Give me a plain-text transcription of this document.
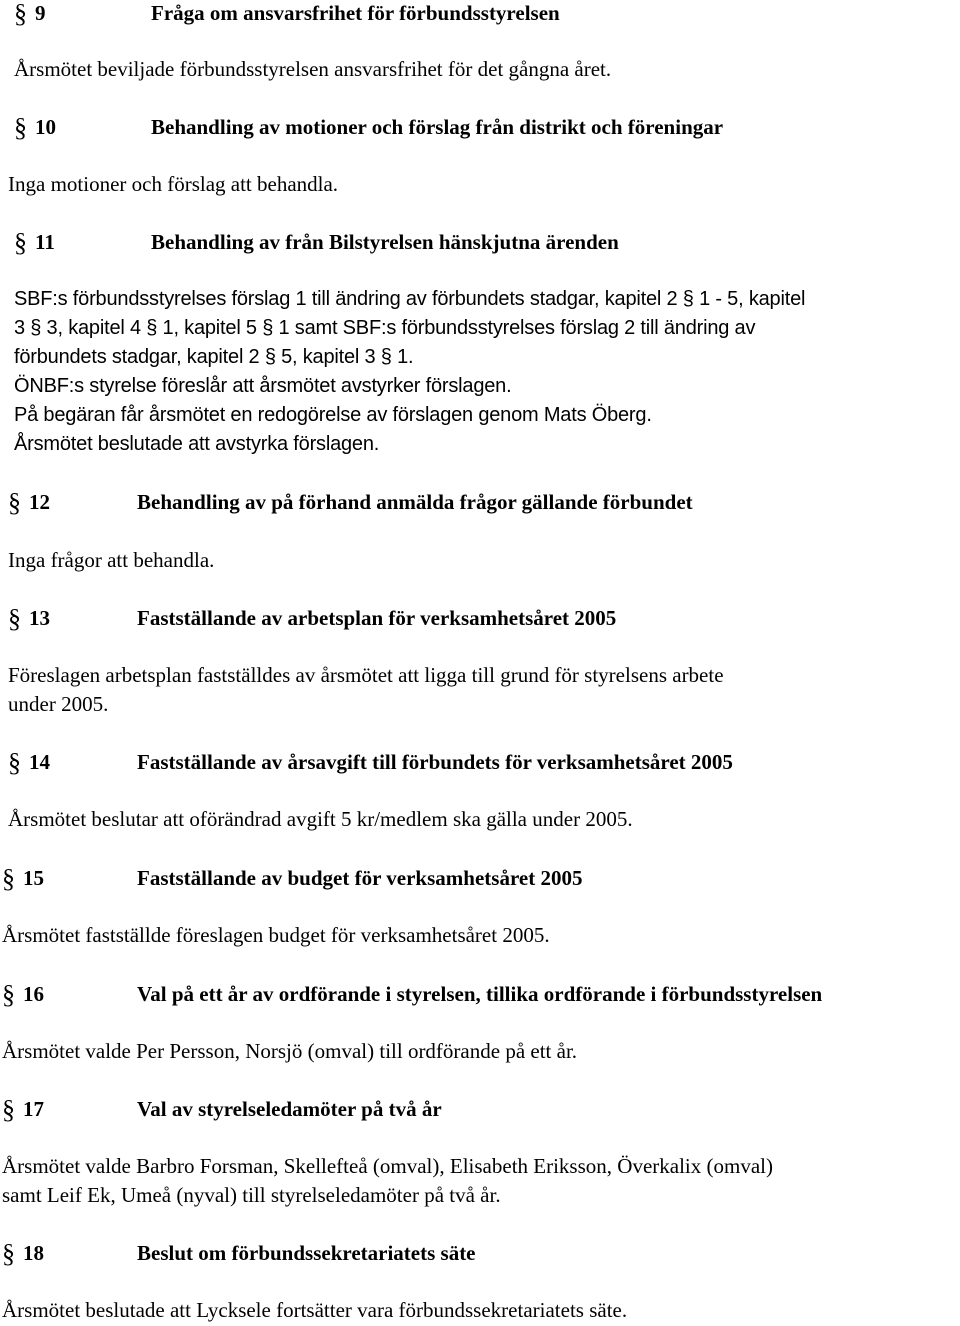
§ 9	Fråga om ansvarsfrihet för förbundsstyrelsen
Årsmötet beviljade förbundsstyrelsen ansvarsfrihet för det gångna året.
§ 10	Behandling av motioner och förslag från distrikt och föreningar
Inga motioner och förslag att behandla.
§ 11	Behandling av från Bilstyrelsen hänskjutna ärenden
SBF:s förbundsstyrelses förslag 1 till ändring av förbundets stadgar, kapitel 2 § 1 - 5, kapitel
3 § 3, kapitel 4 § 1, kapitel 5 § 1 samt SBF:s förbundsstyrelses förslag 2 till ändring av
förbundets stadgar, kapitel 2 § 5, kapitel 3 § 1.
ÖNBF:s styrelse föreslår att årsmötet avstyrker förslagen.
På begäran får årsmötet en redogörelse av förslagen genom Mats Öberg.
Årsmötet beslutade att avstyrka förslagen.
§ 12	Behandling av på förhand anmälda frågor gällande förbundet
Inga frågor att behandla.
§ 13	Fastställande av arbetsplan för verksamhetsåret 2005
Föreslagen arbetsplan fastställdes av årsmötet att ligga till grund för styrelsens arbete
under 2005.
§ 14	Fastställande av årsavgift till förbundets för verksamhetsåret 2005
Årsmötet beslutar att oförändrad avgift 5 kr/medlem ska gälla under 2005.
§ 15	Fastställande av budget för verksamhetsåret 2005
Årsmötet fastställde föreslagen budget för verksamhetsåret 2005.
§ 16	Val på ett år av ordförande i styrelsen, tillika ordförande i förbundsstyrelsen
Årsmötet valde Per Persson, Norsjö (omval) till ordförande på ett år.
§ 17	Val av styrelseledamöter på två år
Årsmötet valde Barbro Forsman, Skellefteå (omval), Elisabeth Eriksson, Överkalix (omval)
samt Leif Ek, Umeå (nyval) till styrelseledamöter på två år.
§ 18	Beslut om förbundssekretariatets säte
Årsmötet beslutade att Lycksele fortsätter vara förbundssekretariatets säte.
